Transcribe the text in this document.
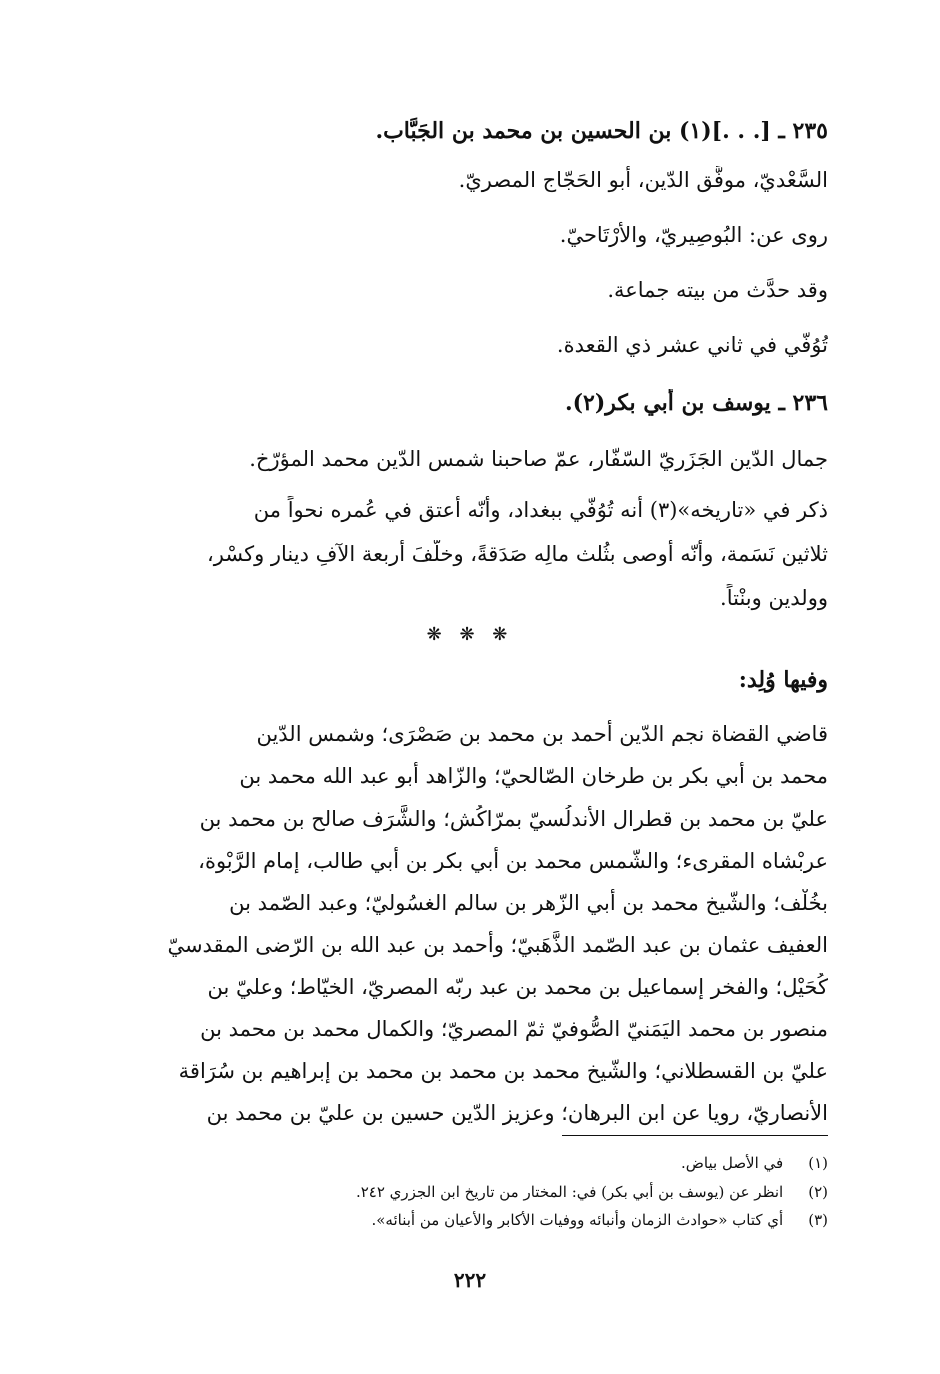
٢٣٥ ـ [. . .](١) بن الحسين بن محمد بن الجَبَّاب.
السَّعْديّ، موفَّق الدّين، أبو الحَجّاج المصريّ.
روى عن: البُوصِيريّ، والأَرْتَاحيّ.
وقد حدَّث من بيته جماعة.
تُوُفّي في ثاني عشر ذي القعدة.
٢٣٦ ـ يوسف بن أبي بكر(٢).
جمال الدّين الجَزَريّ السّفّار، عمّ صاحبنا شمس الدّين محمد المؤرّخ.
ذكر في «تاريخه»(٣) أنه تُوُفّي ببغداد، وأنّه أعتق في عُمره نحواً من
ثلاثين نَسَمة، وأنّه أوصى بثُلث مالِه صَدَقةً، وخلّفَ أربعة الآفِ دينار وكسْر،
وولدين وبنْتاً.
❋ ❋ ❋
وفيها وُلِد:
قاضي القضاة نجم الدّين أحمد بن محمد بن صَصْرَى؛ وشمس الدّين
محمد بن أبي بكر بن طرخان الصّالحيّ؛ والزّاهد أبو عبد الله محمد بن
عليّ بن محمد بن قطرال الأندلُسيّ بمرّاكُش؛ والشَّرَف صالح بن محمد بن
عربْشاه المقرىء؛ والشّمس محمد بن أبي بكر بن أبي طالب، إمام الرَّبْوة،
بخُلْف؛ والشّيخ محمد بن أبي الزّهر بن سالم الغسُوليّ؛ وعبد الصّمد بن
العفيف عثمان بن عبد الصّمد الذَّهَبيّ؛ وأحمد بن عبد الله بن الرّضى المقدسيّ
كُحَيْل؛ والفخر إسماعيل بن محمد بن عبد ربّه المصريّ، الخيّاط؛ وعليّ بن
منصور بن محمد اليَمَنيّ الصُّوفيّ ثمّ المصريّ؛ والكمال محمد بن محمد بن
عليّ بن القسطلاني؛ والشّيخ محمد بن محمد بن محمد بن إبراهيم بن سُرَاقة
الأنصاريّ، رويا عن ابن البرهان؛ وعزيز الدّين حسين بن عليّ بن محمد بن
(١) في الأصل بياض.
(٢) انظر عن (يوسف بن أبي بكر) في: المختار من تاريخ ابن الجزري ٢٤٢.
(٣) أي كتاب «حوادث الزمان وأنبائه ووفيات الأكابر والأعيان من أبنائه».
٢٢٢
